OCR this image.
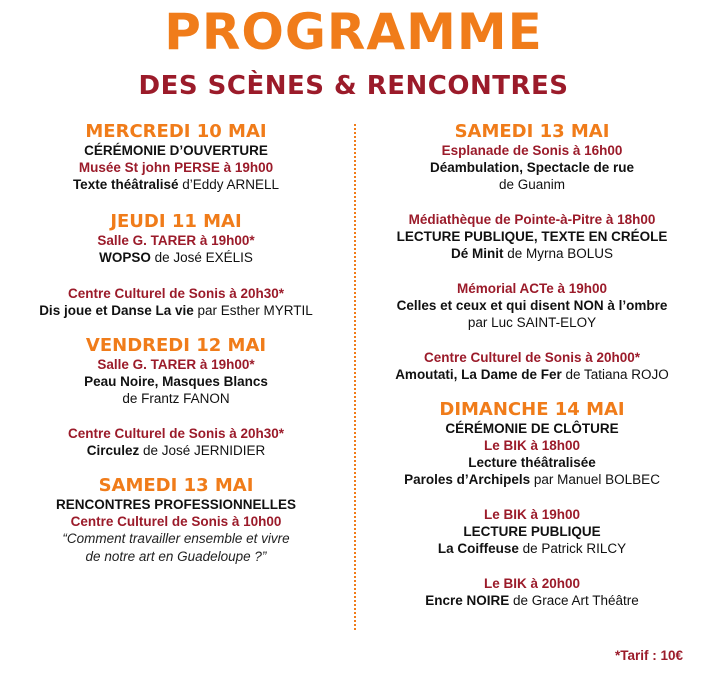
PROGRAMME
DES SCÈNES & RENCONTRES
MERCREDI 10 MAI
CÉRÉMONIE D’OUVERTURE
Musée St john PERSE à 19h00
Texte théâtralisé d’Eddy ARNELL
JEUDI 11 MAI
Salle G. TARER à 19h00*
WOPSO de José EXÉLIS
Centre Culturel de Sonis à 20h30*
Dis joue et Danse La vie par Esther MYRTIL
VENDREDI 12 MAI
Salle G. TARER à 19h00*
Peau Noire, Masques Blancs
de Frantz FANON
Centre Culturel de Sonis à 20h30*
Circulez de José JERNIDIER
SAMEDI 13 MAI
RENCONTRES PROFESSIONNELLES
Centre Culturel de Sonis à 10h00
“Comment travailler ensemble et vivre
de notre art en Guadeloupe ?”
SAMEDI 13 MAI
Esplanade de Sonis à 16h00
Déambulation, Spectacle de rue
de Guanim
Médiathèque de Pointe-à-Pitre à 18h00
LECTURE PUBLIQUE, TEXTE EN CRÉOLE
Dé Minit de Myrna BOLUS
Mémorial ACTe à 19h00
Celles et ceux et qui disent NON à l’ombre
par Luc SAINT-ELOY
Centre Culturel de Sonis à 20h00*
Amoutati, La Dame de Fer de Tatiana ROJO
DIMANCHE 14 MAI
CÉRÉMONIE DE CLÔTURE
Le BIK à 18h00
Lecture théâtralisée
Paroles d’Archipels par Manuel BOLBEC
Le BIK à 19h00
LECTURE PUBLIQUE
La Coiffeuse de Patrick RILCY
Le BIK à 20h00
Encre NOIRE de Grace Art Théâtre
*Tarif : 10€
